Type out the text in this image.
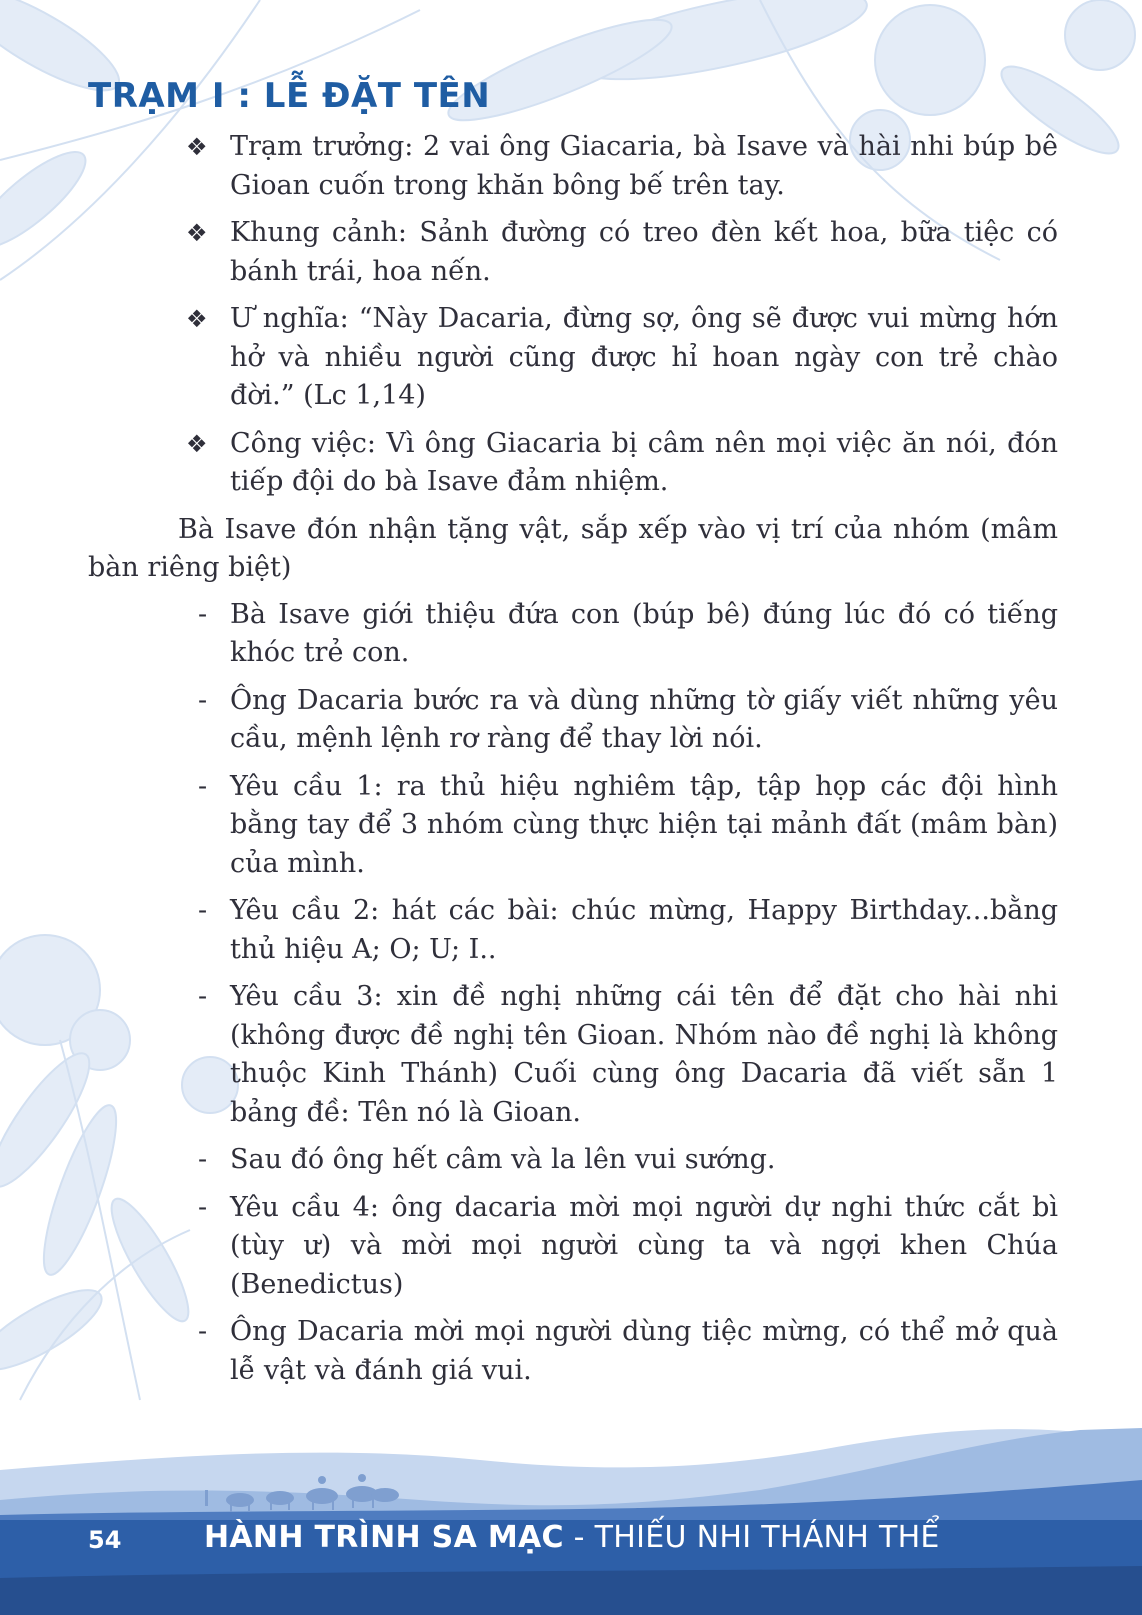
TRẠM I : LỄ ĐẶT TÊN
❖ Trạm trưởng: 2 vai ông Giacaria, bà Isave và hài nhi búp bê Gioan cuốn trong khăn bông bế trên tay.
❖ Khung cảnh: Sảnh đường có treo đèn kết hoa, bữa tiệc có bánh trái, hoa nến.
❖ Ư nghĩa: “Này Dacaria, đừng sợ, ông sẽ được vui mừng hớn hở và nhiều người cũng được hỉ hoan ngày con trẻ chào đời.” (Lc 1,14)
❖ Công việc: Vì ông Giacaria bị câm nên mọi việc ăn nói, đón tiếp đội do bà Isave đảm nhiệm.

Bà Isave đón nhận tặng vật, sắp xếp vào vị trí của nhóm (mâm bàn riêng biệt)

- Bà Isave giới thiệu đứa con (búp bê) đúng lúc đó có tiếng khóc trẻ con.
- Ông Dacaria bước ra và dùng những tờ giấy viết những yêu cầu, mệnh lệnh rơ ràng để thay lời nói.
- Yêu cầu 1: ra thủ hiệu nghiêm tập, tập họp các đội hình bằng tay để 3 nhóm cùng thực hiện tại mảnh đất (mâm bàn) của mình.
- Yêu cầu 2: hát các bài: chúc mừng, Happy Birthday...bằng thủ hiệu A; O; U; I..
- Yêu cầu 3: xin đề nghị những cái tên để đặt cho hài nhi (không được đề nghị tên Gioan. Nhóm nào đề nghị là không thuộc Kinh Thánh) Cuối cùng ông Dacaria đã viết sẵn 1 bảng đề: Tên nó là Gioan.
- Sau đó ông hết câm và la lên vui sướng.
- Yêu cầu 4: ông dacaria mời mọi người dự nghi thức cắt bì (tùy ư) và mời mọi người cùng ta và ngợi khen Chúa (Benedictus)
- Ông Dacaria mời mọi người dùng tiệc mừng, có thể mở quà lễ vật và đánh giá vui.
54	HÀNH TRÌNH SA MẠC - THIẾU NHI THÁNH THỂ
